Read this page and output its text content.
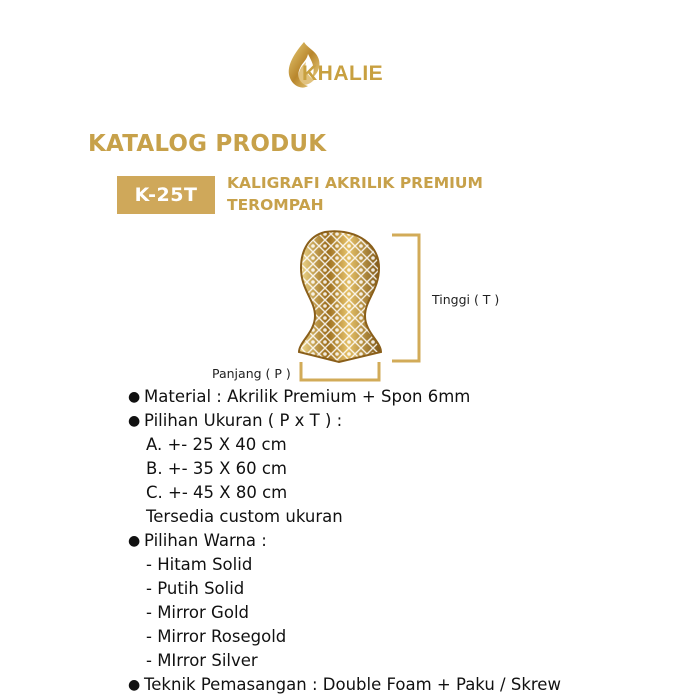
KHALIE
KATALOG PRODUK
K-25T
KALIGRAFI AKRILIK PREMIUM
TEROMPAH
Tinggi ( T )
Panjang ( P )
● Material : Akrilik Premium + Spon 6mm
● Pilihan Ukuran ( P x T ) :
A. +- 25 X 40 cm
B. +- 35 X 60 cm
C. +- 45 X 80 cm
Tersedia custom ukuran
● Pilihan Warna :
- Hitam Solid
- Putih Solid
- Mirror Gold
- Mirror Rosegold
- MIrror Silver
● Teknik Pemasangan : Double Foam + Paku / Skrew
